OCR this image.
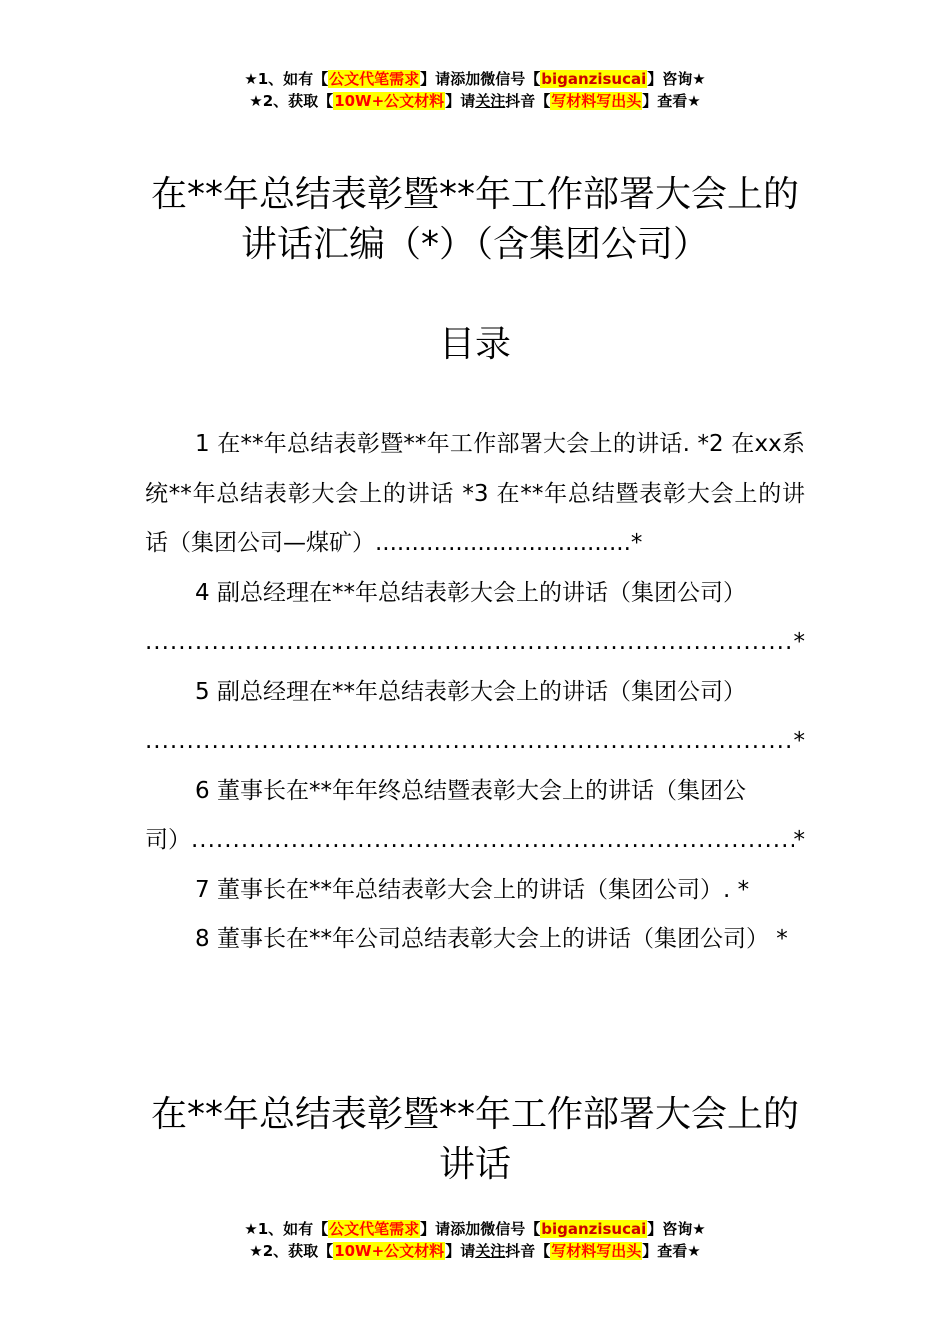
★1、如有【公文代笔需求】请添加微信号【biganzisucai】咨询★
★2、获取【10W+公文材料】请关注抖音【写材料写出头】查看★
在**年总结表彰暨**年工作部署大会上的
讲话汇编（*）（含集团公司）
目录

1 在**年总结表彰暨**年工作部署大会上的讲话. *2 在xx系统**年总结表彰大会上的讲话 *3 在**年总结暨表彰大会上的讲话（集团公司—煤矿）...................................*

4 副总经理在**年总结表彰大会上的讲话（集团公司）

.....
*

5 副总经理在**年总结表彰大会上的讲话（集团公司）

.....
*

6 董事长在**年年终总结暨表彰大会上的讲话（集团公

司）
.....	*

7 董事长在**年总结表彰大会上的讲话（集团公司）. *

8 董事长在**年公司总结表彰大会上的讲话（集团公司） *

在**年总结表彰暨**年工作部署大会上的
讲话
★1、如有【公文代笔需求】请添加微信号【biganzisucai】咨询★
★2、获取【10W+公文材料】请关注抖音【写材料写出头】查看★
